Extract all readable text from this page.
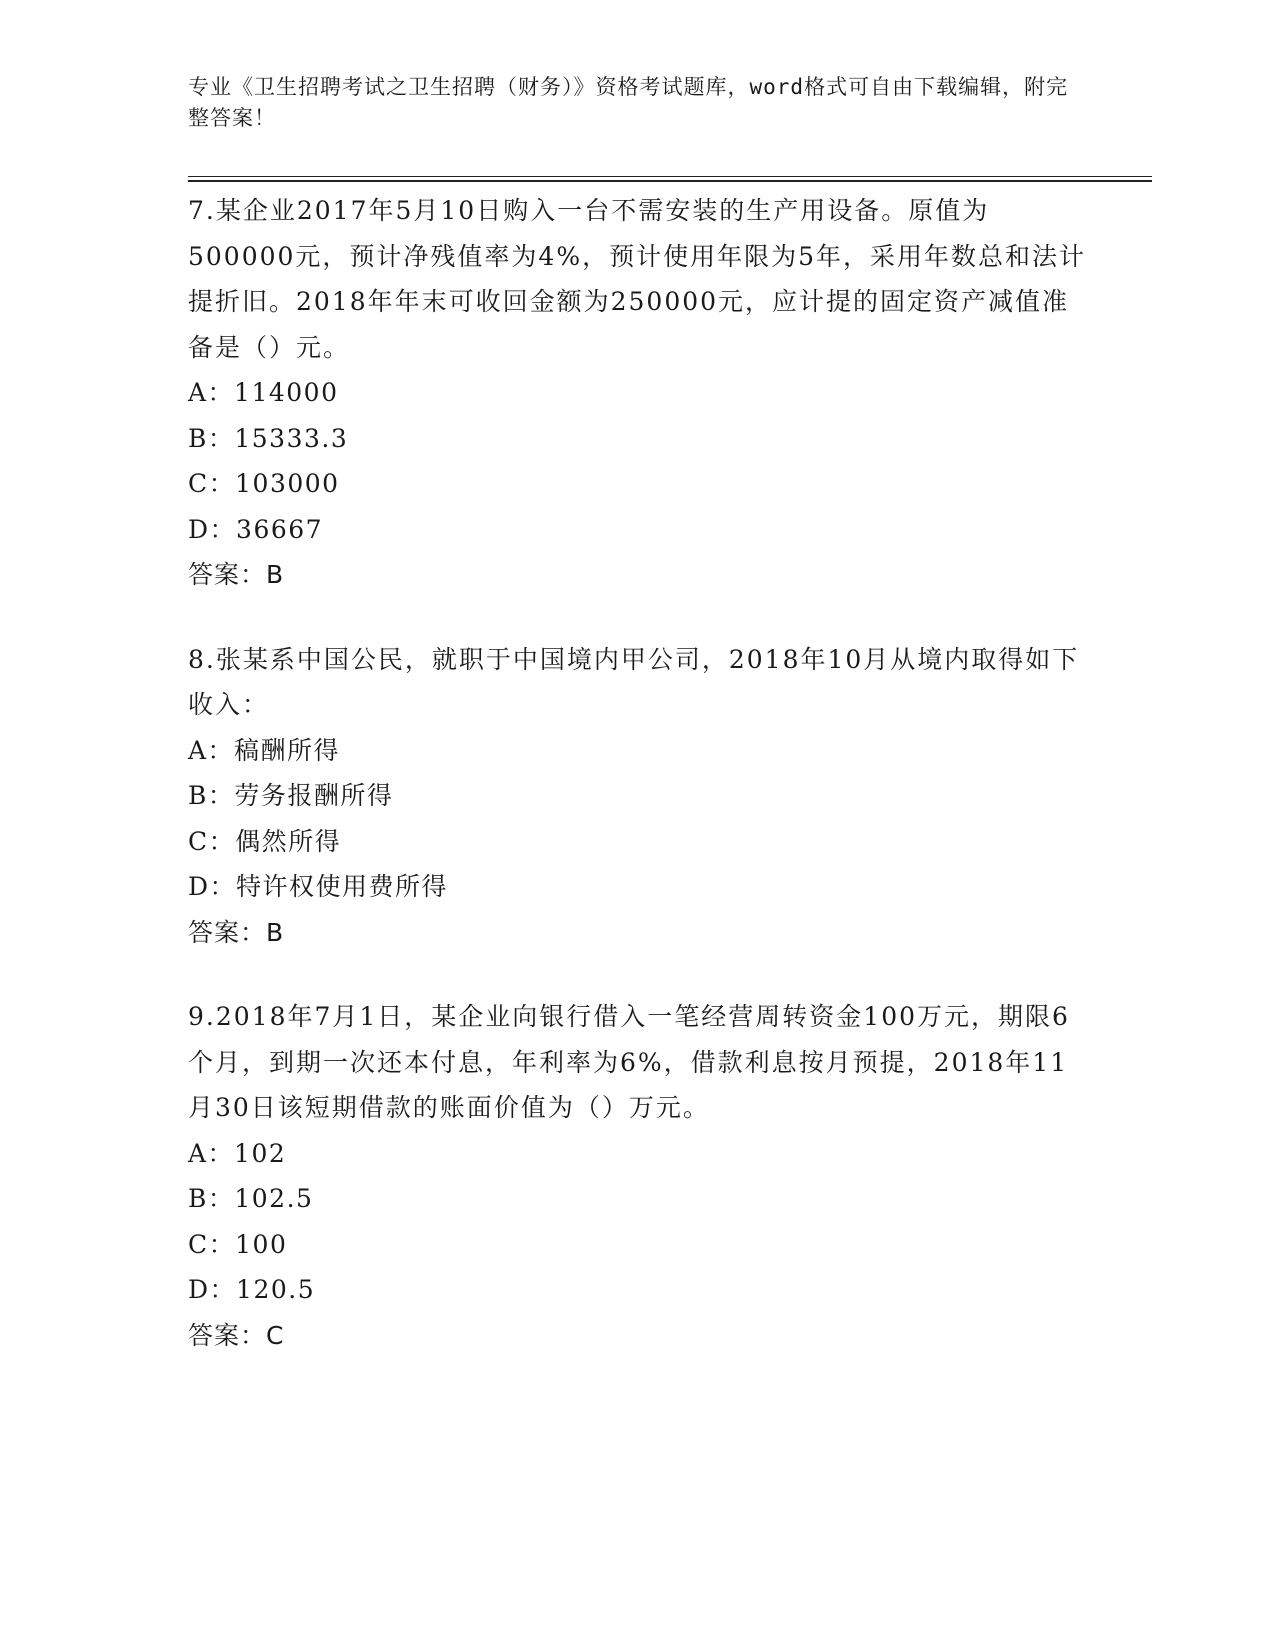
专业《卫生招聘考试之卫生招聘（财务）》资格考试题库，word格式可自由下载编辑，附完整答案！

7.某企业2017年5月10日购入一台不需安装的生产用设备。原值为500000元，预计净残值率为4%，预计使用年限为5年，采用年数总和法计提折旧。2018年年末可收回金额为250000元，应计提的固定资产减值准备是（）元。

A：114000

B：15333.3

C：103000

D：36667

答案：B

8.张某系中国公民，就职于中国境内甲公司，2018年10月从境内取得如下收入：

A：稿酬所得

B：劳务报酬所得

C：偶然所得

D：特许权使用费所得

答案：B

9.2018年7月1日，某企业向银行借入一笔经营周转资金100万元，期限6个月，到期一次还本付息，年利率为6%，借款利息按月预提，2018年11月30日该短期借款的账面价值为（）万元。

A：102

B：102.5

C：100

D：120.5

答案：C
